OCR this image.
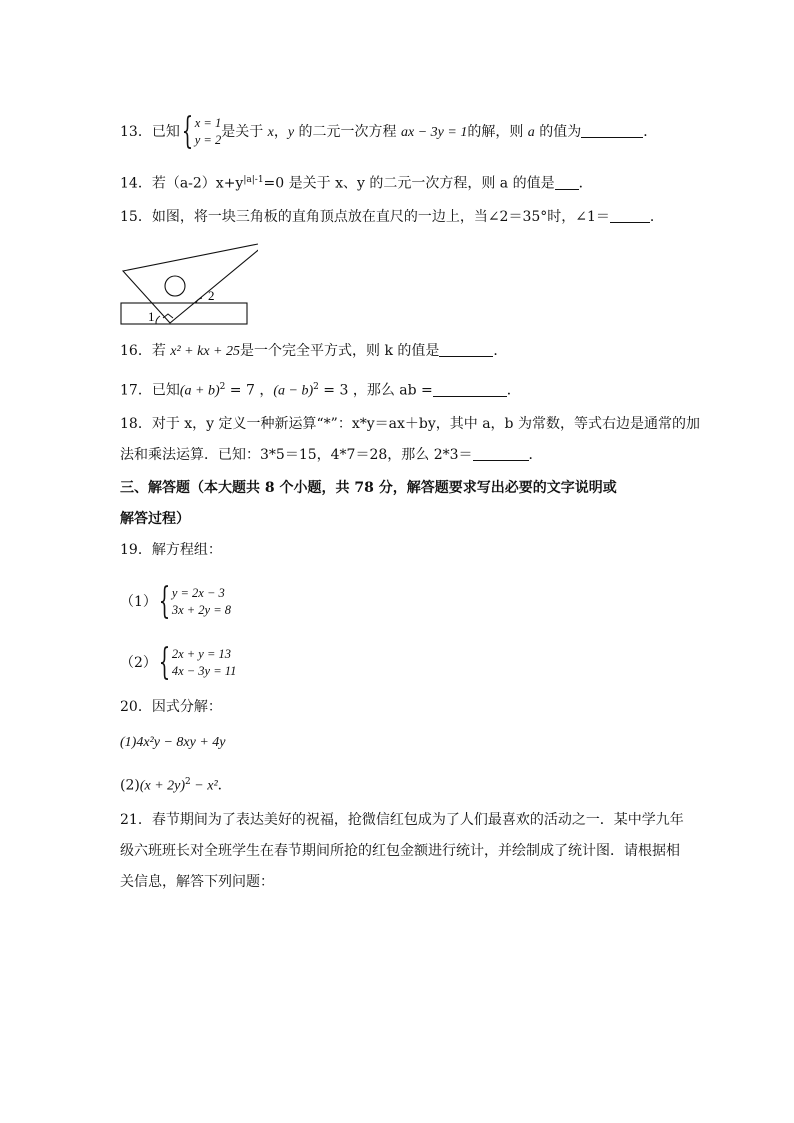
13．已知{ x = 1
y = 2 是关于 x，y 的二元一次方程 ax − 3y = 1的解，则 a 的值为	．
14．若$(a-2)x+y^{|a|-1}=0$ 是关于 x、y 的二元一次方程，则 a 的值是 ．
15．如图，将一块三角板的直角顶点放在直尺的一边上，当∠2＝35°时，∠1＝	．
2
1
16．若 x² + kx + 25是一个完全平方式，则 k 的值是	．
17．已知$(a + b)^2 = 7$ ，$(a - b)^2 = 3$ ，那么 ab =	．
18．对于 x，y 定义一种新运算“*”：x*y＝ax＋by，其中 a，b 为常数，等式右边是通常的加
法和乘法运算．已知：3*5＝15，4*7＝28，那么 2*3＝	．
三、解答题（本大题共 8 个小题，共 78 分，解答题要求写出必要的文字说明或
解答过程）
19．解方程组：
（1）{ y = 2x − 3
3x + 2y = 8
（2）{ 2x + y = 13
4x − 3y = 11
20．因式分解：
(1)4x²y − 8xy + 4y
$(2)(x + 2y)^2 - x^2$．
21．春节期间为了表达美好的祝福，抢微信红包成为了人们最喜欢的活动之一．某中学九年
级六班班长对全班学生在春节期间所抢的红包金额进行统计，并绘制成了统计图．请根据相
关信息，解答下列问题：
